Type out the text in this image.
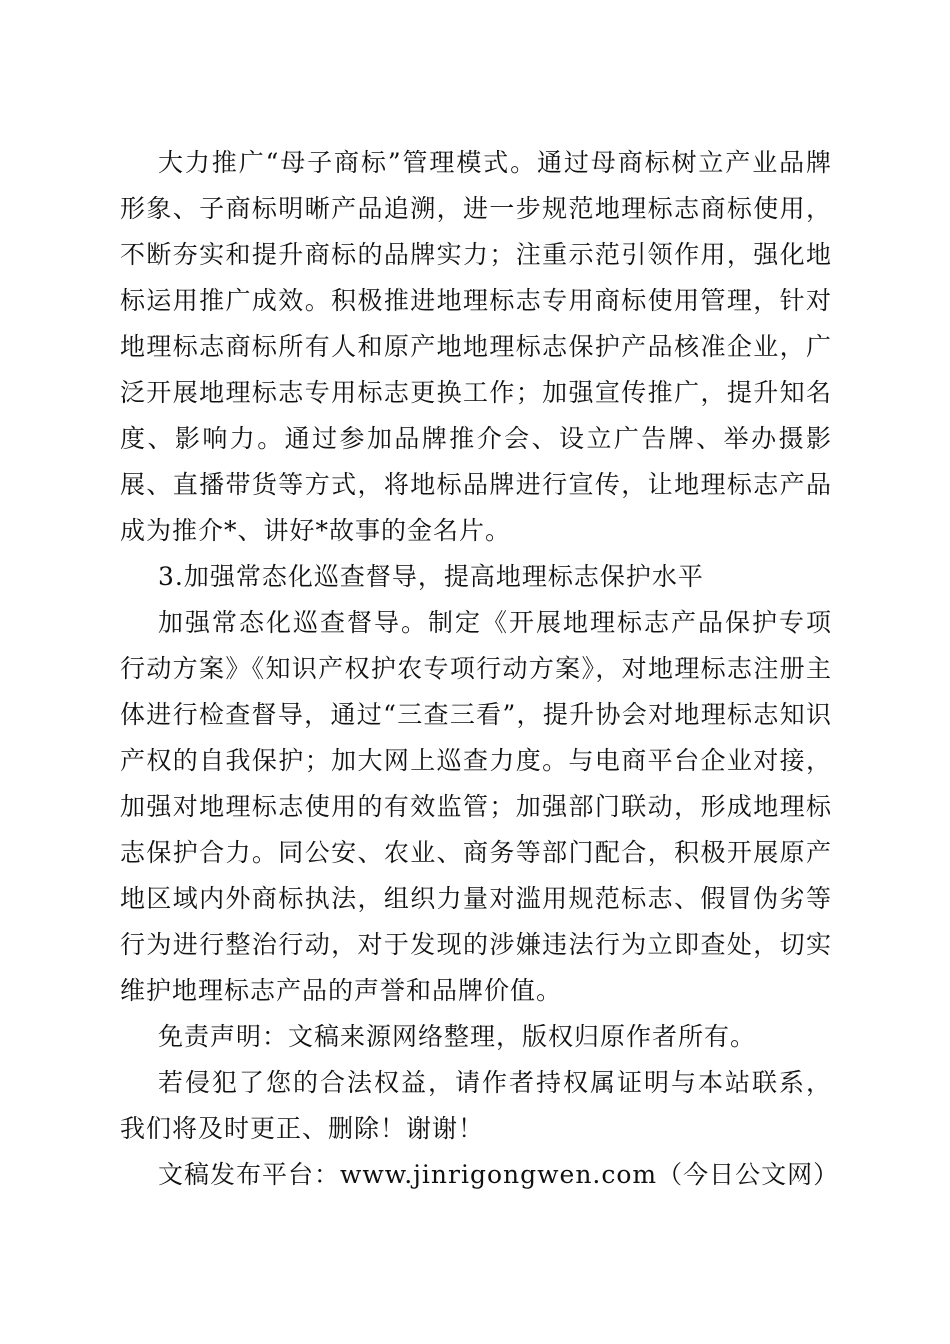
大力推广“母子商标”管理模式。通过母商标树立产业品牌形象、子商标明晰产品追溯，进一步规范地理标志商标使用，不断夯实和提升商标的品牌实力；注重示范引领作用，强化地标运用推广成效。积极推进地理标志专用商标使用管理，针对地理标志商标所有人和原产地地理标志保护产品核准企业，广泛开展地理标志专用标志更换工作；加强宣传推广，提升知名度、影响力。通过参加品牌推介会、设立广告牌、举办摄影展、直播带货等方式，将地标品牌进行宣传，让地理标志产品成为推介*、讲好*故事的金名片。

3.加强常态化巡查督导，提高地理标志保护水平

加强常态化巡查督导。制定《开展地理标志产品保护专项行动方案》《知识产权护农专项行动方案》，对地理标志注册主体进行检查督导，通过“三查三看”，提升协会对地理标志知识产权的自我保护；加大网上巡查力度。与电商平台企业对接，加强对地理标志使用的有效监管；加强部门联动，形成地理标志保护合力。同公安、农业、商务等部门配合，积极开展原产地区域内外商标执法，组织力量对滥用规范标志、假冒伪劣等行为进行整治行动，对于发现的涉嫌违法行为立即查处，切实维护地理标志产品的声誉和品牌价值。

免责声明：文稿来源网络整理，版权归原作者所有。

若侵犯了您的合法权益，请作者持权属证明与本站联系，我们将及时更正、删除！谢谢！

文稿发布平台：www.jinrigongwen.com（今日公文网）
